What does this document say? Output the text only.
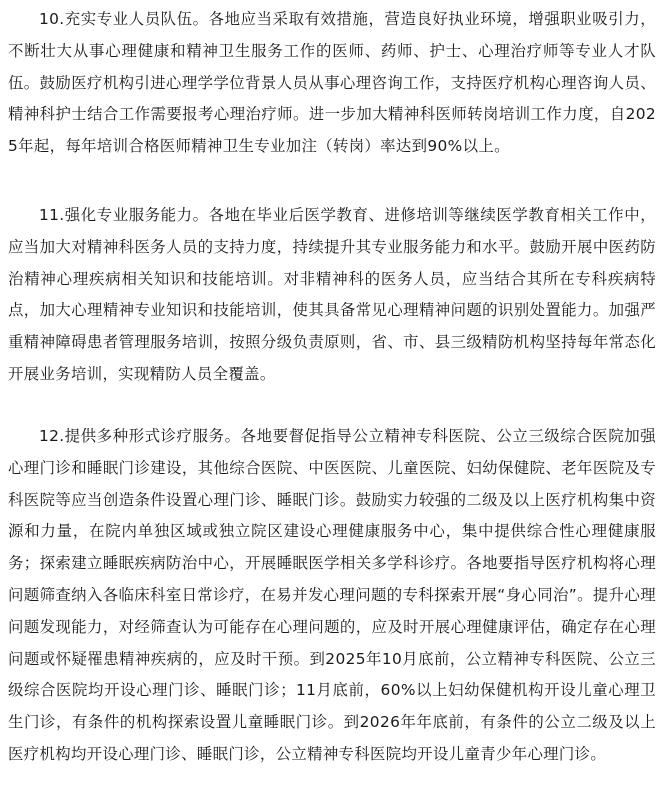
10.充实专业人员队伍。各地应当采取有效措施，营造良好执业环境，增强职业吸引力，不断壮大从事心理健康和精神卫生服务工作的医师、药师、护士、心理治疗师等专业人才队伍。鼓励医疗机构引进心理学学位背景人员从事心理咨询工作，支持医疗机构心理咨询人员、精神科护士结合工作需要报考心理治疗师。进一步加大精神科医师转岗培训工作力度，自2025年起，每年培训合格医师精神卫生专业加注（转岗）率达到90%以上。

11.强化专业服务能力。各地在毕业后医学教育、进修培训等继续医学教育相关工作中，应当加大对精神科医务人员的支持力度，持续提升其专业服务能力和水平。鼓励开展中医药防治精神心理疾病相关知识和技能培训。对非精神科的医务人员，应当结合其所在专科疾病特点，加大心理精神专业知识和技能培训，使其具备常见心理精神问题的识别处置能力。加强严重精神障碍患者管理服务培训，按照分级负责原则，省、市、县三级精防机构坚持每年常态化开展业务培训，实现精防人员全覆盖。

12.提供多种形式诊疗服务。各地要督促指导公立精神专科医院、公立三级综合医院加强心理门诊和睡眠门诊建设，其他综合医院、中医医院、儿童医院、妇幼保健院、老年医院及专科医院等应当创造条件设置心理门诊、睡眠门诊。鼓励实力较强的二级及以上医疗机构集中资源和力量，在院内单独区域或独立院区建设心理健康服务中心，集中提供综合性心理健康服务；探索建立睡眠疾病防治中心，开展睡眠医学相关多学科诊疗。各地要指导医疗机构将心理问题筛查纳入各临床科室日常诊疗，在易并发心理问题的专科探索开展“身心同治”。提升心理问题发现能力，对经筛查认为可能存在心理问题的，应及时开展心理健康评估，确定存在心理问题或怀疑罹患精神疾病的，应及时干预。到2025年10月底前，公立精神专科医院、公立三级综合医院均开设心理门诊、睡眠门诊；11月底前，60%以上妇幼保健机构开设儿童心理卫生门诊，有条件的机构探索设置儿童睡眠门诊。到2026年年底前，有条件的公立二级及以上医疗机构均开设心理门诊、睡眠门诊，公立精神专科医院均开设儿童青少年心理门诊。
